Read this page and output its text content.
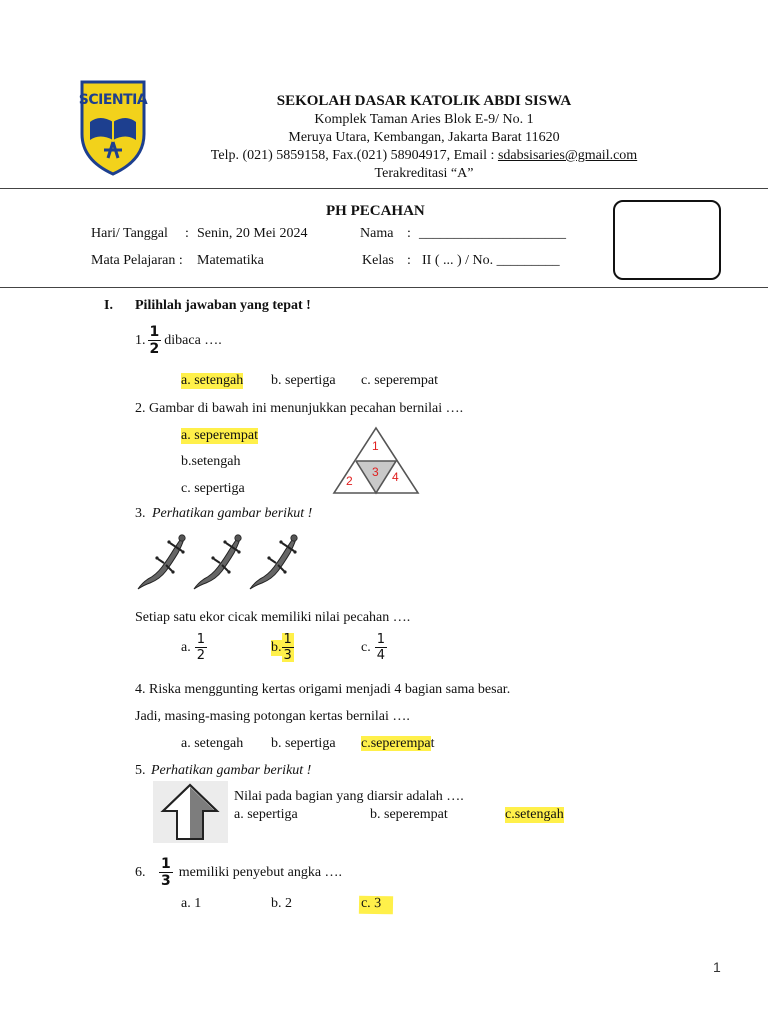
SCIENTIA	SEKOLAH DASAR KATOLIK ABDI SISWA
Komplek Taman Aries Blok E-9/ No. 1
Meruya Utara, Kembangan, Jakarta Barat 11620
Telp. (021) 5859158, Fax.(021) 58904917, Email : sdabsisaries@gmail.com
Terakreditasi “A”
PH PECAHAN
Hari/ Tanggal : Senin, 20 Mei 2024	Nama : _____________________
Mata Pelajaran : Matematika	Kelas : II ( ... ) / No. _________
I. Pilihlah jawaban yang tepat !
1. $\frac{1}{2}$ dibaca ….
a. setengah b. sepertiga c. seperempat
2. Gambar di bawah ini menunjukkan pecahan bernilai ….
a. seperempat
b.setengah
c. sepertiga
1
2
3 4
3. Perhatikan gambar berikut !
Setiap satu ekor cicak memiliki nilai pecahan ….
a. $\frac{1}{2}$	b. $\frac{1}{3}$	c. $\frac{1}{4}$
4. Riska menggunting kertas origami menjadi 4 bagian sama besar.
Jadi, masing-masing potongan kertas bernilai ….
a. setengah b. sepertiga c.seperempat
5. Perhatikan gambar berikut !
Nilai pada bagian yang diarsir adalah ….
a. sepertiga	b. seperempat	c.setengah
6. $\frac{1}{3}$ memiliki penyebut angka ….
a. 1	b. 2	c. 3
1
